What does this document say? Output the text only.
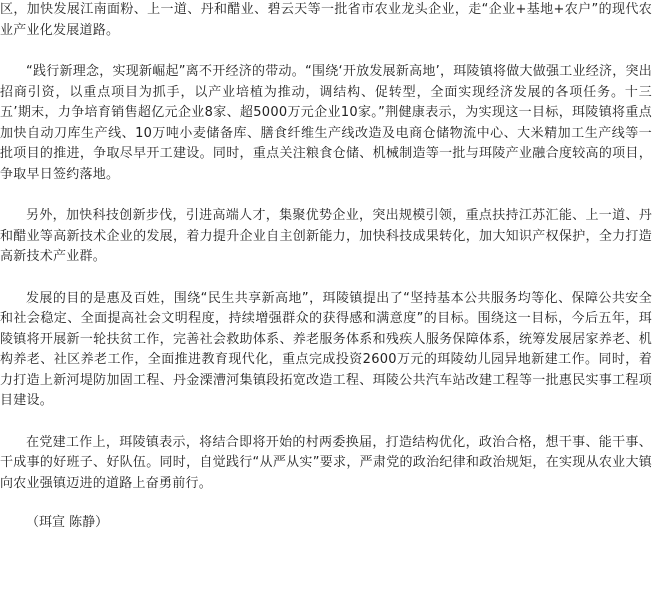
区，加快发展江南面粉、上一道、丹和醋业、碧云天等一批省市农业龙头企业，走“企业+基地+农户”的现代农业产业化发展道路。

“践行新理念，实现新崛起”离不开经济的带动。“围绕‘开放发展新高地’，珥陵镇将做大做强工业经济，突出招商引资，以重点项目为抓手，以产业培植为推动，调结构、促转型，全面实现经济发展的各项任务。十三五’期末，力争培育销售超亿元企业8家、超5000万元企业10家。”荆健康表示，为实现这一目标，珥陵镇将重点加快自动刀库生产线、10万吨小麦储备库、膳食纤维生产线改造及电商仓储物流中心、大米精加工生产线等一批项目的推进，争取尽早开工建设。同时，重点关注粮食仓储、机械制造等一批与珥陵产业融合度较高的项目，争取早日签约落地。

另外，加快科技创新步伐，引进高端人才，集聚优势企业，突出规模引领，重点扶持江苏汇能、上一道、丹和醋业等高新技术企业的发展，着力提升企业自主创新能力，加快科技成果转化，加大知识产权保护，全力打造高新技术产业群。

发展的目的是惠及百姓，围绕“民生共享新高地”，珥陵镇提出了“坚持基本公共服务均等化、保障公共安全和社会稳定、全面提高社会文明程度，持续增强群众的获得感和满意度”的目标。围绕这一目标，今后五年，珥陵镇将开展新一轮扶贫工作，完善社会救助体系、养老服务体系和残疾人服务保障体系，统筹发展居家养老、机构养老、社区养老工作，全面推进教育现代化，重点完成投资2600万元的珥陵幼儿园异地新建工作。同时，着力打造上新河堤防加固工程、丹金溧漕河集镇段拓宽改造工程、珥陵公共汽车站改建工程等一批惠民实事工程项目建设。

在党建工作上，珥陵镇表示，将结合即将开始的村两委换届，打造结构优化，政治合格，想干事、能干事、干成事的好班子、好队伍。同时，自觉践行“从严从实”要求，严肃党的政治纪律和政治规矩，在实现从农业大镇向农业强镇迈进的道路上奋勇前行。

（珥宣 陈静）
